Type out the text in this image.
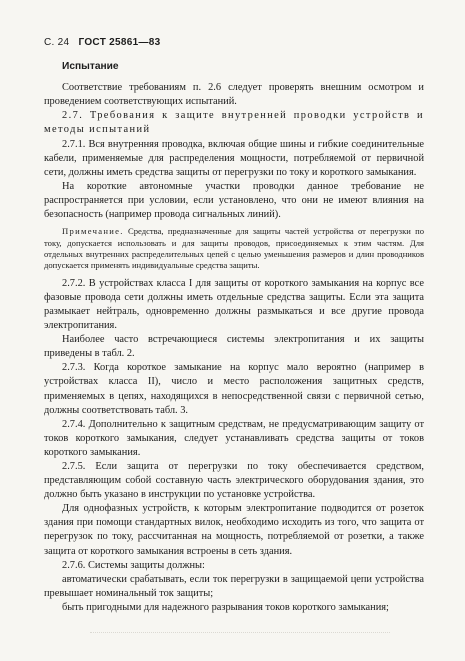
С. 24 ГОСТ 25861—83
Испытание

Соответствие требованиям п. 2.6 следует проверять внешним осмотром и проведением соответствующих испытаний.

2.7. Требования к защите внутренней проводки устройств и методы испытаний

2.7.1. Вся внутренняя проводка, включая общие шины и гибкие соединительные кабели, применяемые для распределения мощности, потребляемой от первичной сети, должны иметь средства защиты от перегрузки по току и короткого замыкания.

На короткие автономные участки проводки данное требование не распространяется при условии, если установлено, что они не имеют влияния на безопасность (например провода сигнальных линий).

Примечание. Средства, предназначенные для защиты частей устройства от перегрузки по току, допускается использовать и для защиты проводов, присоединяемых к этим частям. Для отдельных внутренних распределительных цепей с целью уменьшения размеров и длин проводников допускается применять индивидуальные средства защиты.

2.7.2. В устройствах класса I для защиты от короткого замыкания на корпус все фазовые провода сети должны иметь отдельные средства защиты. Если эта защита размыкает нейтраль, одновременно должны размыкаться и все другие провода электропитания.

Наиболее часто встречающиеся системы электропитания и их защиты приведены в табл. 2.

2.7.3. Когда короткое замыкание на корпус мало вероятно (например в устройствах класса II), число и место расположения защитных средств, применяемых в цепях, находящихся в непосредственной связи с первичной сетью, должны соответствовать табл. 3.

2.7.4. Дополнительно к защитным средствам, не предусматривающим защиту от токов короткого замыкания, следует устанавливать средства защиты от токов короткого замыкания.

2.7.5. Если защита от перегрузки по току обеспечивается средством, представляющим собой составную часть электрического оборудования здания, это должно быть указано в инструкции по установке устройства.

Для однофазных устройств, к которым электропитание подводится от розеток здания при помощи стандартных вилок, необходимо исходить из того, что защита от перегрузок по току, рассчитанная на мощность, потребляемой от розетки, а также защита от короткого замыкания встроены в сеть здания.

2.7.6. Системы защиты должны:

автоматически срабатывать, если ток перегрузки в защищаемой цепи устройства превышает номинальный ток защиты;

быть пригодными для надежного разрывания токов короткого замыкания;
